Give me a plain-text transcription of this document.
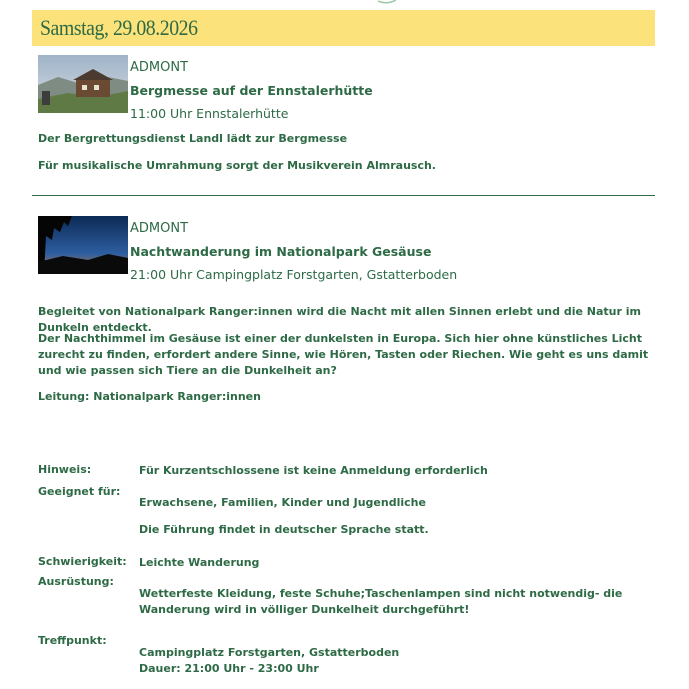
Samstag, 29.08.2026
ADMONT
Bergmesse auf der Ennstalerhütte
11:00 Uhr Ennstalerhütte
Der Bergrettungsdienst Landl lädt zur Bergmesse
Für musikalische Umrahmung sorgt der Musikverein Almrausch.
ADMONT
Nachtwanderung im Nationalpark Gesäuse
21:00 Uhr Campingplatz Forstgarten, Gstatterboden
Begleitet von Nationalpark Ranger:innen wird die Nacht mit allen Sinnen erlebt und die Natur im Dunkeln entdeckt.
Der Nachthimmel im Gesäuse ist einer der dunkelsten in Europa. Sich hier ohne künstliches Licht zurecht zu finden, erfordert andere Sinne, wie Hören, Tasten oder Riechen. Wie geht es uns damit und wie passen sich Tiere an die Dunkelheit an?
Leitung: Nationalpark Ranger:innen
Hinweis:	Für Kurzentschlossene ist keine Anmeldung erforderlich
Geeignet für:
Erwachsene, Familien, Kinder und Jugendliche
Die Führung findet in deutscher Sprache statt.
Schwierigkeit: Leichte Wanderung
Ausrüstung:
Wetterfeste Kleidung, feste Schuhe;Taschenlampen sind nicht notwendig- die Wanderung wird in völliger Dunkelheit durchgeführt!
Treffpunkt:
Campingplatz Forstgarten, Gstatterboden
Dauer: 21:00 Uhr - 23:00 Uhr
